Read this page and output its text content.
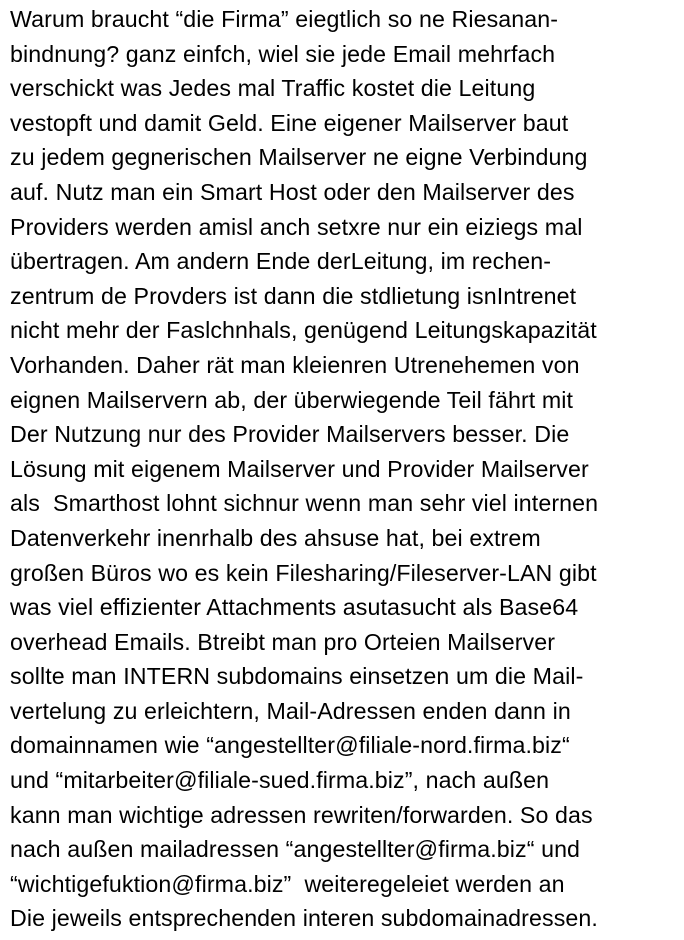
Warum braucht “die Firma” eiegtlich so ne Riesanan-
bindnung? ganz einfch, wiel sie jede Email mehrfach
verschickt was Jedes mal Traffic kostet die Leitung
vestopft und damit Geld. Eine eigener Mailserver baut
zu jedem gegnerischen Mailserver ne eigne Verbindung
auf. Nutz man ein Smart Host oder den Mailserver des
Providers werden amisl anch setxre nur ein eiziegs mal
übertragen. Am andern Ende derLeitung, im rechen-
zentrum de Provders ist dann die stdlietung isnIntrenet
nicht mehr der Faslchnhals, genügend Leitungskapazität
Vorhanden. Daher rät man kleienren Utrenehemen von
eignen Mailservern ab, der überwiegende Teil fährt mit
Der Nutzung nur des Provider Mailservers besser. Die
Lösung mit eigenem Mailserver und Provider Mailserver
als  Smarthost lohnt sichnur wenn man sehr viel internen
Datenverkehr inenrhalb des ahsuse hat, bei extrem
großen Büros wo es kein Filesharing/Fileserver-LAN gibt
was viel effizienter Attachments asutasucht als Base64
overhead Emails. Btreibt man pro Orteien Mailserver
sollte man INTERN subdomains einsetzen um die Mail-
vertelung zu erleichtern, Mail-Adressen enden dann in
domainnamen wie “angestellter@filiale-nord.firma.biz“
und “mitarbeiter@filiale-sued.firma.biz”, nach außen
kann man wichtige adressen rewriten/forwarden. So das
nach außen mailadressen “angestellter@firma.biz“ und
“wichtigefuktion@firma.biz”  weiteregeleiet werden an
Die jeweils entsprechenden interen subdomainadressen.
